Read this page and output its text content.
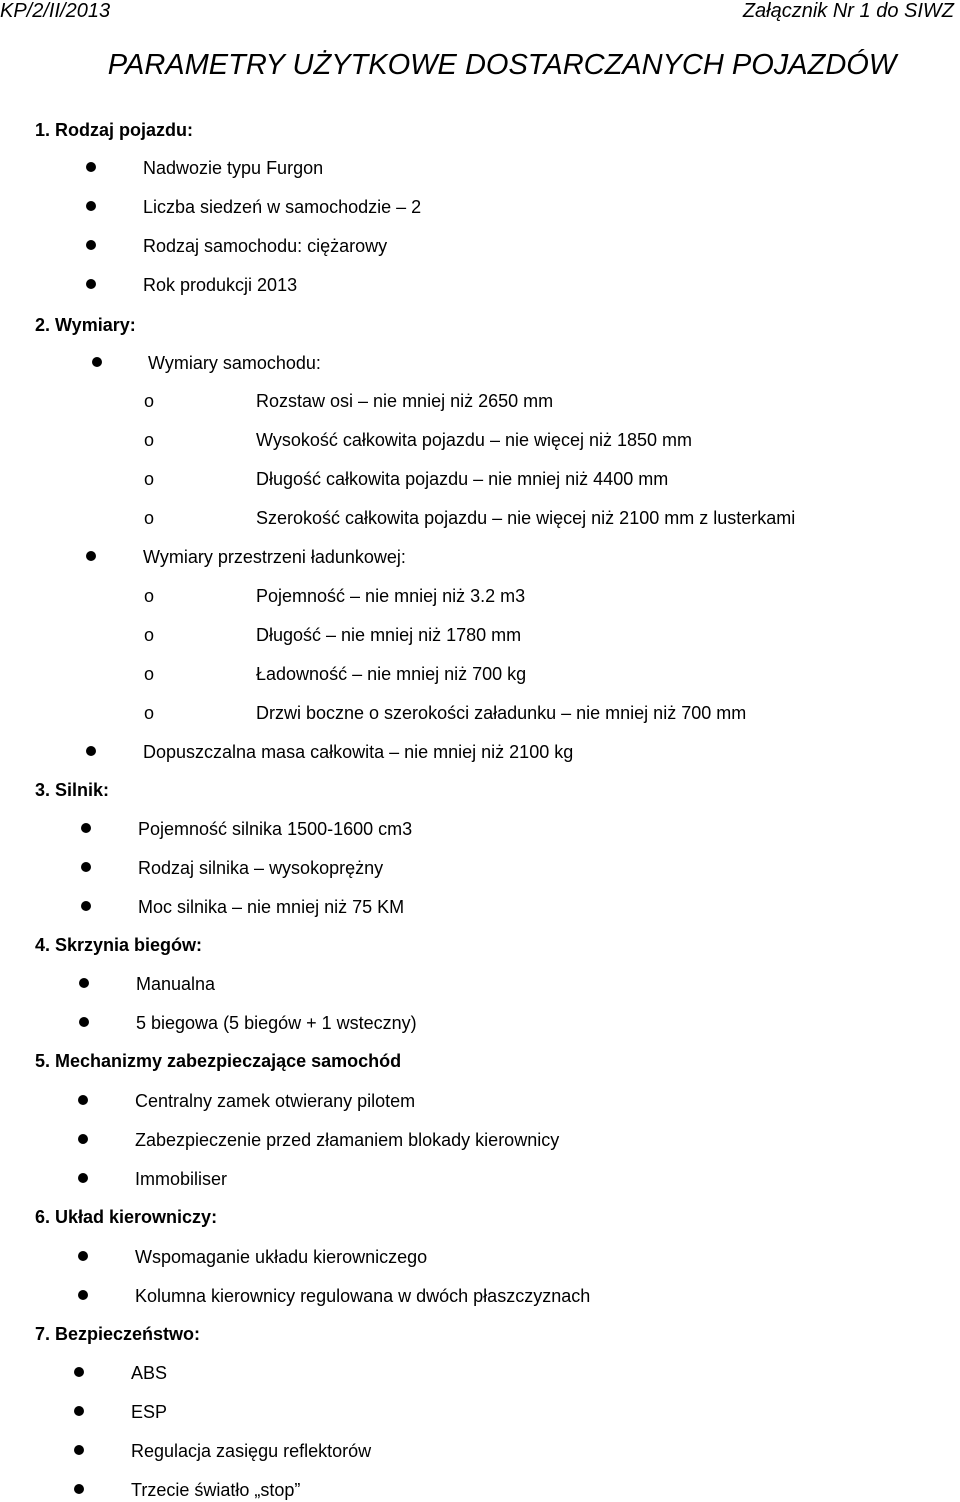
KP/2/II/2013	Załącznik Nr 1 do SIWZ
PARAMETRY UŻYTKOWE DOSTARCZANYCH POJAZDÓW
1. Rodzaj pojazdu:
Nadwozie typu Furgon
Liczba siedzeń w samochodzie – 2
Rodzaj samochodu: ciężarowy
Rok produkcji 2013
2. Wymiary:
Wymiary samochodu:
o	Rozstaw osi – nie mniej niż 2650 mm
o	Wysokość całkowita pojazdu – nie więcej niż 1850 mm
o	Długość całkowita pojazdu – nie mniej niż 4400 mm
o	Szerokość całkowita pojazdu – nie więcej niż 2100 mm z lusterkami
Wymiary przestrzeni ładunkowej:
o	Pojemność – nie mniej niż 3.2 m3
o	Długość – nie mniej niż 1780 mm
o	Ładowność – nie mniej niż 700 kg
o	Drzwi boczne o szerokości załadunku – nie mniej niż 700 mm
Dopuszczalna masa całkowita – nie mniej niż 2100 kg
3. Silnik:
Pojemność silnika 1500-1600 cm3
Rodzaj silnika – wysokoprężny
Moc silnika – nie mniej niż 75 KM
4. Skrzynia biegów:
Manualna
5 biegowa (5 biegów + 1 wsteczny)
5. Mechanizmy zabezpieczające samochód
Centralny zamek otwierany pilotem
Zabezpieczenie przed złamaniem blokady kierownicy
Immobiliser
6. Układ kierowniczy:
Wspomaganie układu kierowniczego
Kolumna kierownicy regulowana w dwóch płaszczyznach
7. Bezpieczeństwo:
ABS
ESP
Regulacja zasięgu reflektorów
Trzecie światło „stop”
